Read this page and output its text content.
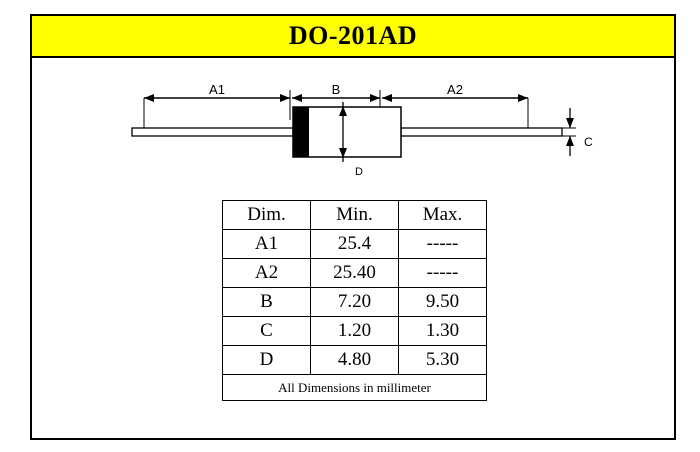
DO-201AD
A1	B	A2
D
C
Dim.	Min.	Max.
A1	25.4	-----
A2	25.40	-----
B	7.20	9.50
C	1.20	1.30
D	4.80	5.30
All Dimensions in millimeter		
